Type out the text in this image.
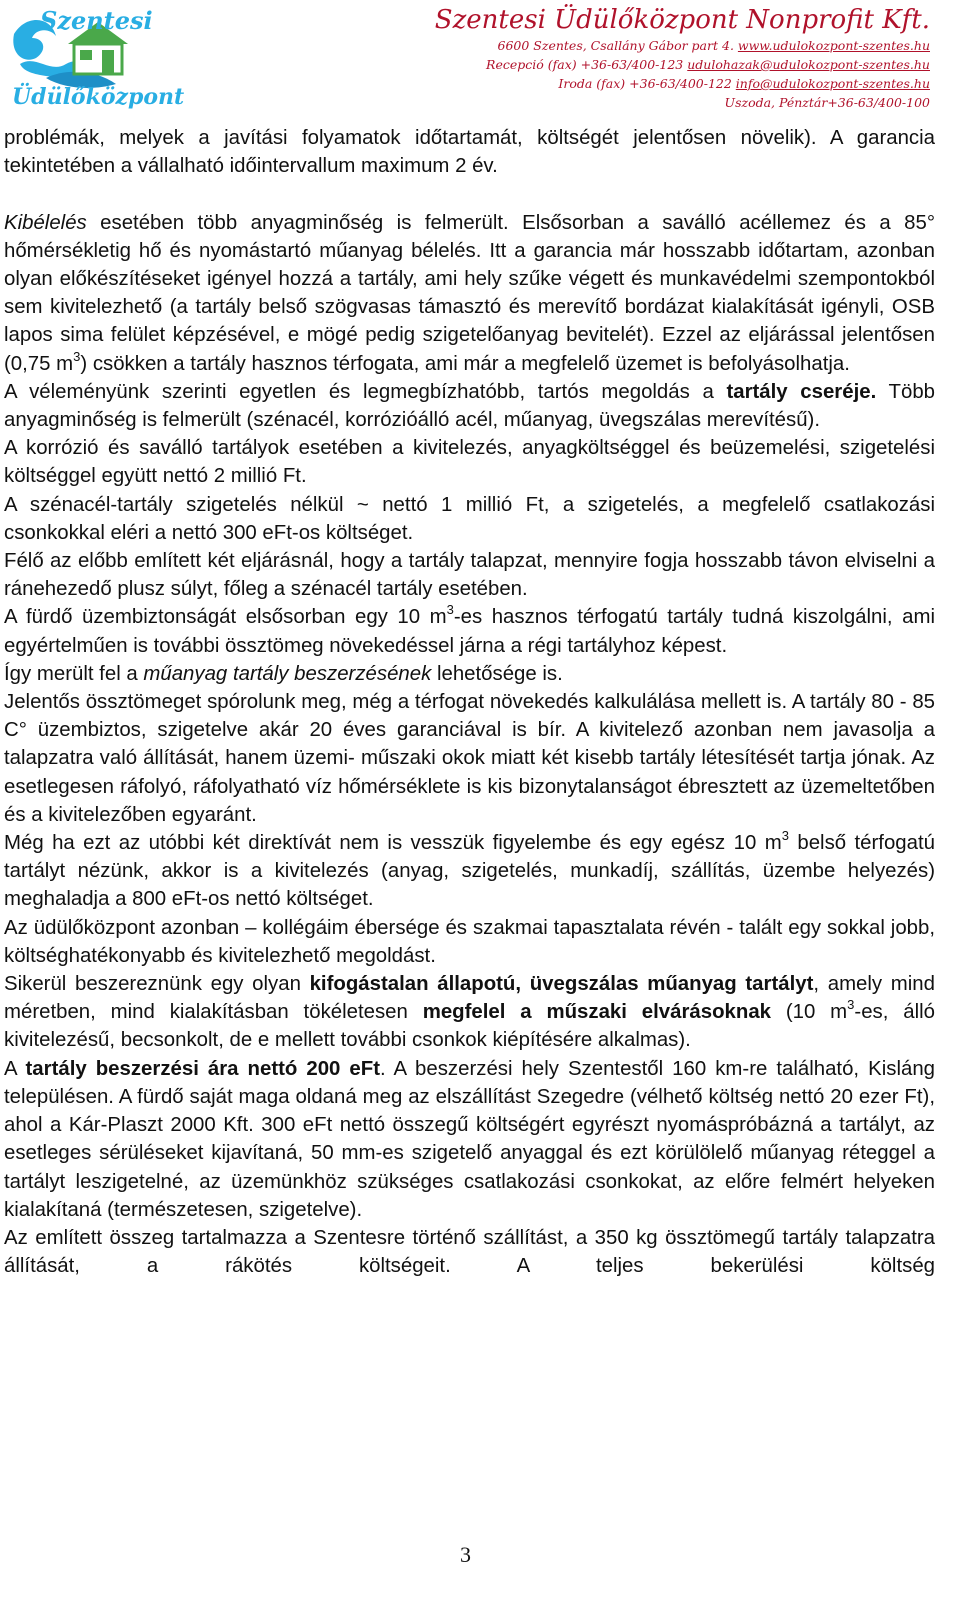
Szentesi
Üdülőközpont
Szentesi Üdülőközpont Nonprofit Kft.
6600 Szentes, Csallány Gábor part 4. www.udulokozpont-szentes.hu
Recepció (fax) +36-63/400-123 udulohazak@udulokozpont-szentes.hu
Iroda (fax) +36-63/400-122 info@udulokozpont-szentes.hu
Uszoda, Pénztár+36-63/400-100

problémák, melyek a javítási folyamatok időtartamát, költségét jelentősen növelik). A garancia tekintetében a vállalható időintervallum maximum 2 év.

Kibélelés esetében több anyagminőség is felmerült. Elsősorban a saválló acéllemez és a 85° hőmérsékletig hő és nyomástartó műanyag bélelés. Itt a garancia már hosszabb időtartam, azonban olyan előkészítéseket igényel hozzá a tartály, ami hely szűke végett és munkavédelmi szempontokból sem kivitelezhető (a tartály belső szögvasas támasztó és merevítő bordázat kialakítását igényli, OSB lapos sima felület képzésével, e mögé pedig szigetelőanyag bevitelét). Ezzel az eljárással jelentősen (0,75 $m^3$) csökken a tartály hasznos térfogata, ami már a megfelelő üzemet is befolyásolhatja.

A véleményünk szerinti egyetlen és legmegbízhatóbb, tartós megoldás a tartály cseréje. Több anyagminőség is felmerült (szénacél, korrózióálló acél, műanyag, üvegszálas merevítésű).

A korrózió és saválló tartályok esetében a kivitelezés, anyagköltséggel és beüzemelési, szigetelési költséggel együtt nettó 2 millió Ft.

A szénacél-tartály szigetelés nélkül ~ nettó 1 millió Ft, a szigetelés, a megfelelő csatlakozási csonkokkal eléri a nettó 300 eFt-os költséget.

Félő az előbb említett két eljárásnál, hogy a tartály talapzat, mennyire fogja hosszabb távon elviselni a ránehezedő plusz súlyt, főleg a szénacél tartály esetében.

A fürdő üzembiztonságát elsősorban egy 10 $m^3-es$ hasznos térfogatú tartály tudná kiszolgálni, ami egyértelműen is további össztömeg növekedéssel járna a régi tartályhoz képest.

Így merült fel a műanyag tartály beszerzésének lehetősége is.

Jelentős össztömeget spórolunk meg, még a térfogat növekedés kalkulálása mellett is. A tartály 80 - 85 C° üzembiztos, szigetelve akár 20 éves garanciával is bír. A kivitelező azonban nem javasolja a talapzatra való állítását, hanem üzemi- műszaki okok miatt két kisebb tartály létesítését tartja jónak. Az esetlegesen ráfolyó, ráfolyatható víz hőmérséklete is kis bizonytalanságot ébresztett az üzemeltetőben és a kivitelezőben egyaránt.

Még ha ezt az utóbbi két direktívát nem is vesszük figyelembe és egy egész 10 $m^3$ belső térfogatú tartályt nézünk, akkor is a kivitelezés (anyag, szigetelés, munkadíj, szállítás, üzembe helyezés) meghaladja a 800 eFt-os nettó költséget.

Az üdülőközpont azonban – kollégáim ébersége és szakmai tapasztalata révén - talált egy sokkal jobb, költséghatékonyabb és kivitelezhető megoldást.

Sikerül beszereznünk egy olyan kifogástalan állapotú, üvegszálas műanyag tartályt, amely mind méretben, mind kialakításban tökéletesen megfelel a műszaki elvárásoknak (10 $m^3-es$, álló kivitelezésű, becsonkolt, de e mellett további csonkok kiépítésére alkalmas).

A tartály beszerzési ára nettó 200 eFt. A beszerzési hely Szentestől 160 km-re található, Kisláng településen. A fürdő saját maga oldaná meg az elszállítást Szegedre (vélhető költség nettó 20 ezer Ft), ahol a Kár-Plaszt 2000 Kft. 300 eFt nettó összegű költségért egyrészt nyomáspróbázná a tartályt, az esetleges sérüléseket kijavítaná, 50 mm-es szigetelő anyaggal és ezt körülölelő műanyag réteggel a tartályt leszigetelné, az üzemünkhöz szükséges csatlakozási csonkokat, az előre felmért helyeken kialakítaná (természetesen, szigetelve).

Az említett összeg tartalmazza a Szentesre történő szállítást, a 350 kg össztömegű tartály talapzatra állítását, a rákötés költségeit. A teljes bekerülési költség

3
